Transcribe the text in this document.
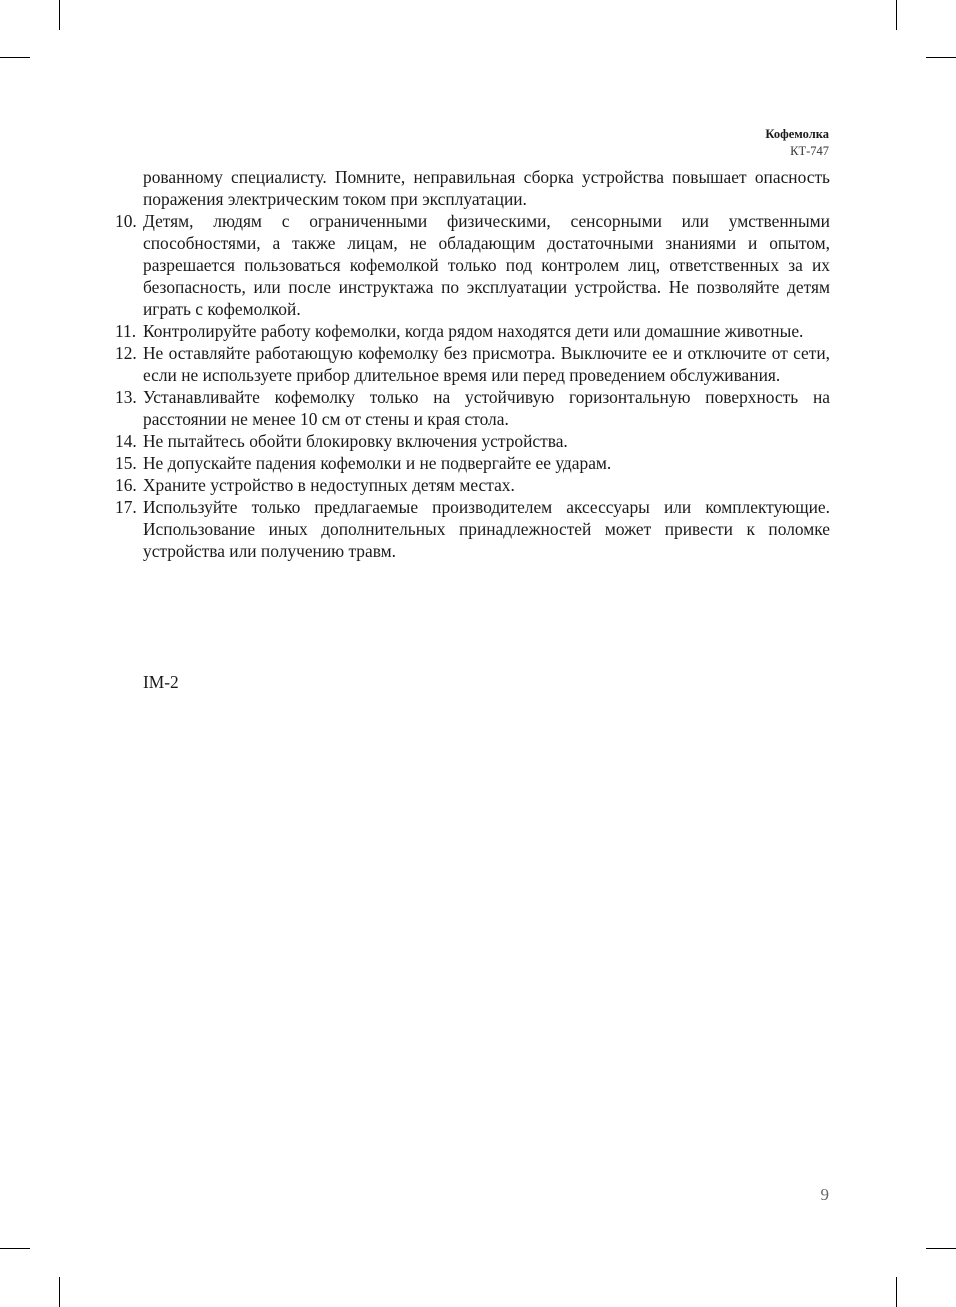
Кофемолка
КТ-747
рованному специалисту. Помните, неправильная сборка устройства повышает опасность поражения электрическим током при эксплуатации.
10. Детям, людям с ограниченными физическими, сенсорными или умственными способностями, а также лицам, не обладающим достаточными знаниями и опытом, разрешается пользоваться кофемолкой только под контролем лиц, ответственных за их безопасность, или после инструктажа по эксплуатации устройства. Не позволяйте детям играть с кофемолкой.
11. Контролируйте работу кофемолки, когда рядом находятся дети или домашние животные.
12. Не оставляйте работающую кофемолку без присмотра. Выключите ее и отключите от сети, если не используете прибор длительное время или перед проведением обслуживания.
13. Устанавливайте кофемолку только на устойчивую горизонтальную поверхность на расстоянии не менее 10 см от стены и края стола.
14. Не пытайтесь обойти блокировку включения устройства.
15. Не допускайте падения кофемолки и не подвергайте ее ударам.
16. Храните устройство в недоступных детям местах.
17. Используйте только предлагаемые производителем аксессуары или комплектующие. Использование иных дополнительных принадлежностей может привести к поломке устройства или получению травм.
IM-2
9
